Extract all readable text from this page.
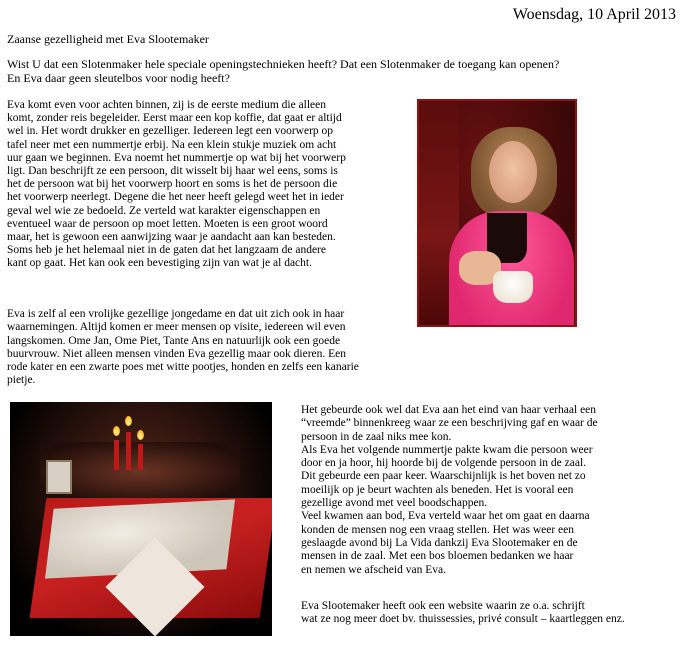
Woensdag, 10 April 2013
Zaanse gezelligheid met Eva Slootemaker
Wist U dat een Slotenmaker hele speciale openingstechnieken heeft? Dat een Slotenmaker de toegang kan openen?
En Eva daar geen sleutelbos voor nodig heeft?
Eva komt even voor achten binnen, zij is de eerste medium die alleen
komt, zonder reis begeleider. Eerst maar een kop koffie, dat gaat er altijd
wel in. Het wordt drukker en gezelliger. Iedereen legt een voorwerp op
tafel neer met een nummertje erbij. Na een klein stukje muziek om acht
uur gaan we beginnen. Eva noemt het nummertje op wat bij het voorwerp
ligt. Dan beschrijft ze een persoon, dit wisselt bij haar wel eens, soms is
het de persoon wat bij het voorwerp hoort en soms is het de persoon die
het voorwerp neerlegt. Degene die het neer heeft gelegd weet het in ieder
geval wel wie ze bedoeld. Ze verteld wat karakter eigenschappen en
eventueel waar de persoon op moet letten. Moeten is een groot woord
maar, het is gewoon een aanwijzing waar je aandacht aan kan besteden.
Soms heb je het helemaal niet in de gaten dat het langzaam de andere
kant op gaat. Het kan ook een bevestiging zijn van wat je al dacht.
Eva is zelf al een vrolijke gezellige jongedame en dat uit zich ook in haar
waarnemingen. Altijd komen er meer mensen op visite, iedereen wil even
langskomen. Ome Jan, Ome Piet, Tante Ans en natuurlijk ook een goede
buurvrouw. Niet alleen mensen vinden Eva gezellig maar ook dieren. Een
rode kater en een zwarte poes met witte pootjes, honden en zelfs een kanarie
pietje.
Het gebeurde ook wel dat Eva aan het eind van haar verhaal een
“vreemde” binnenkreeg waar ze een beschrijving gaf en waar de
persoon in de zaal niks mee kon.
Als Eva het volgende nummertje pakte kwam die persoon weer
door en ja hoor, hij hoorde bij de volgende persoon in de zaal.
Dit gebeurde een paar keer. Waarschijnlijk is het boven net zo
moeilijk op je beurt wachten als beneden. Het is vooral een
gezellige avond met veel boodschappen.
Veel kwamen aan bod, Eva verteld waar het om gaat en daarna
konden de mensen nog een vraag stellen. Het was weer een
geslaagde avond bij La Vida dankzij Eva Slootemaker en de
mensen in de zaal. Met een bos bloemen bedanken we haar
en nemen we afscheid van Eva.
Eva Slootemaker heeft ook een website waarin ze o.a. schrijft
wat ze nog meer doet bv. thuissessies, privé consult – kaartleggen enz.
